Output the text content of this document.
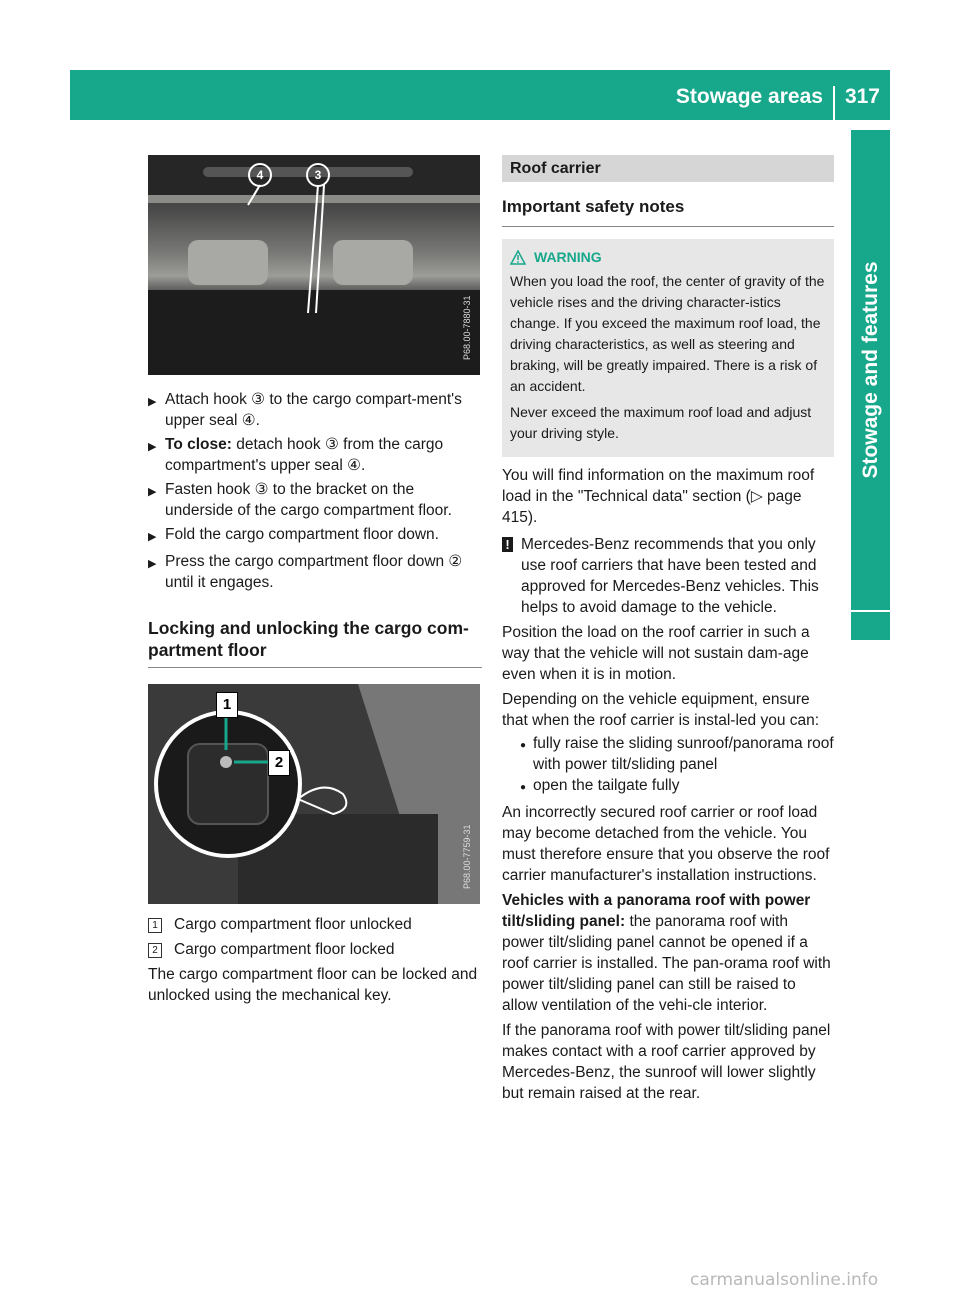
Stowage areas	317
Stowage and features
P68.00-7880-31
4	3
▶ Attach hook ③ to the cargo compart-ment's upper seal ④.
▶ To close: detach hook ③ from the cargo compartment's upper seal ④.
▶ Fasten hook ③ to the bracket on the underside of the cargo compartment floor.
▶ Fold the cargo compartment floor down.
▶ Press the cargo compartment floor down ② until it engages.
Locking and unlocking the cargo com-partment floor
P68.00-7759-31
1
2
1 Cargo compartment floor unlocked
2 Cargo compartment floor locked

The cargo compartment floor can be locked and unlocked using the mechanical key.

Roof carrier
Important safety notes
WARNING

When you load the roof, the center of gravity of the vehicle rises and the driving character-istics change. If you exceed the maximum roof load, the driving characteristics, as well as steering and braking, will be greatly impaired. There is a risk of an accident.

Never exceed the maximum roof load and adjust your driving style.

You will find information on the maximum roof load in the "Technical data" section (▷ page 415).

! Mercedes-Benz recommends that you only use roof carriers that have been tested and approved for Mercedes-Benz vehicles. This helps to avoid damage to the vehicle.

Position the load on the roof carrier in such a way that the vehicle will not sustain dam-age even when it is in motion.

Depending on the vehicle equipment, ensure that when the roof carrier is instal-led you can:

● fully raise the sliding sunroof/panorama roof with power tilt/sliding panel
● open the tailgate fully

An incorrectly secured roof carrier or roof load may become detached from the vehicle. You must therefore ensure that you observe the roof carrier manufacturer's installation instructions.

Vehicles with a panorama roof with power tilt/sliding panel: the panorama roof with power tilt/sliding panel cannot be opened if a roof carrier is installed. The pan-orama roof with power tilt/sliding panel can still be raised to allow ventilation of the vehi-cle interior.

If the panorama roof with power tilt/sliding panel makes contact with a roof carrier approved by Mercedes-Benz, the sunroof will lower slightly but remain raised at the rear.

carmanualsonline.info
